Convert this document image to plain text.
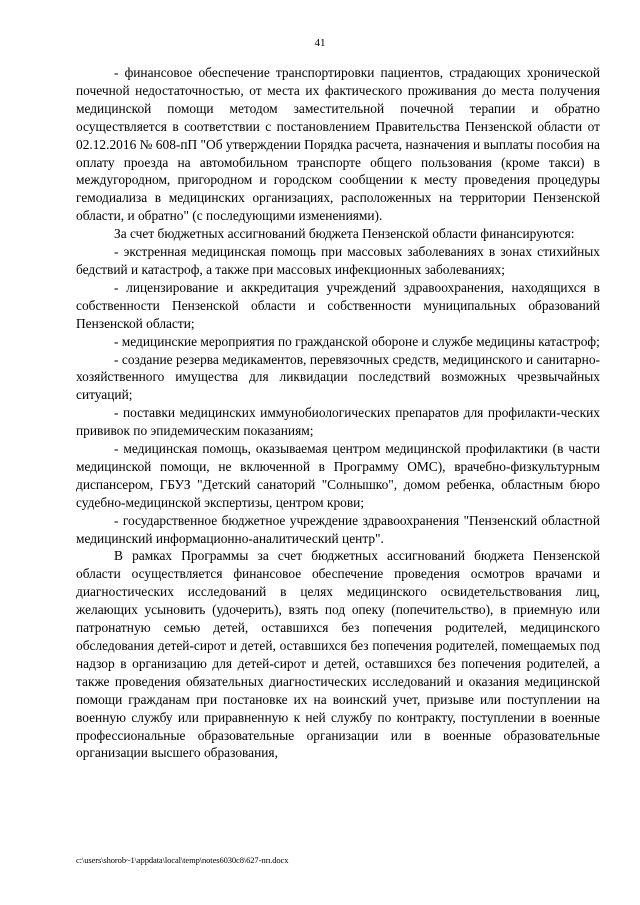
41

- финансовое обеспечение транспортировки пациентов, страдающих хронической почечной недостаточностью, от места их фактического проживания до места получения медицинской помощи методом заместительной почечной терапии и обратно осуществляется в соответствии с постановлением Правительства Пензенской области от 02.12.2016 № 608-пП "Об утверждении Порядка расчета, назначения и выплаты пособия на оплату проезда на автомобильном транспорте общего пользования (кроме такси) в междугородном, пригородном и городском сообщении к месту проведения процедуры гемодиализа в медицинских организациях, расположенных на территории Пензенской области, и обратно" (с последующими изменениями).

За счет бюджетных ассигнований бюджета Пензенской области финансируются:

- экстренная медицинская помощь при массовых заболеваниях в зонах стихийных бедствий и катастроф, а также при массовых инфекционных заболеваниях;

- лицензирование и аккредитация учреждений здравоохранения, находящихся в собственности Пензенской области и собственности муниципальных образований Пензенской области;

- медицинские мероприятия по гражданской обороне и службе медицины катастроф;

- создание резерва медикаментов, перевязочных средств, медицинского и санитарно-хозяйственного имущества для ликвидации последствий возможных чрезвычайных ситуаций;

- поставки медицинских иммунобиологических препаратов для профилакти-ческих прививок по эпидемическим показаниям;

- медицинская помощь, оказываемая центром медицинской профилактики (в части медицинской помощи, не включенной в Программу ОМС), врачебно-физкультурным диспансером, ГБУЗ "Детский санаторий "Солнышко", домом ребенка, областным бюро судебно-медицинской экспертизы, центром крови;

- государственное бюджетное учреждение здравоохранения "Пензенский областной медицинский информационно-аналитический центр".

В рамках Программы за счет бюджетных ассигнований бюджета Пензенской области осуществляется финансовое обеспечение проведения осмотров врачами и диагностических исследований в целях медицинского освидетельствования лиц, желающих усыновить (удочерить), взять под опеку (попечительство), в приемную или патронатную семью детей, оставшихся без попечения родителей, медицинского обследования детей-сирот и детей, оставшихся без попечения родителей, помещаемых под надзор в организацию для детей-сирот и детей, оставшихся без попечения родителей, а также проведения обязательных диагностических исследований и оказания медицинской помощи гражданам при постановке их на воинский учет, призыве или поступлении на военную службу или приравненную к ней службу по контракту, поступлении в военные профессиональные образовательные организации или в военные образовательные организации высшего образования,

c:\users\shorob~1\appdata\local\temp\notes6030c8\627-пп.docx
